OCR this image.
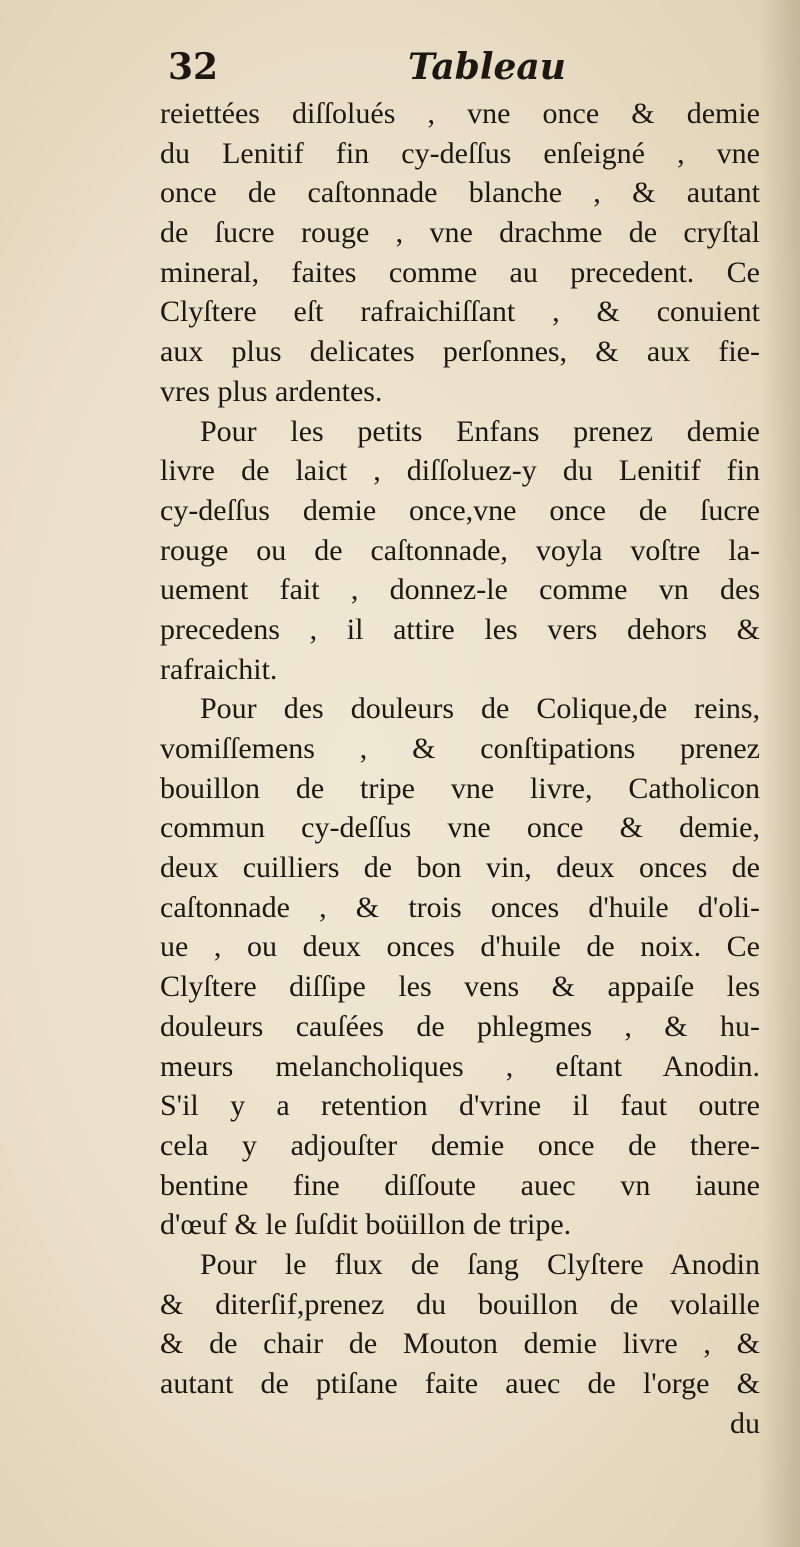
32	Tableau
reiettées diſſolués , vne once & demie
du Lenitif fin cy-deſſus enſeigné , vne
once de caſtonnade blanche , & autant
de ſucre rouge , vne drachme de cryſtal
mineral, faites comme au precedent. Ce
Clyſtere eſt rafraichiſſant , & conuient
aux plus delicates perſonnes, & aux fie-
vres plus ardentes.
Pour les petits Enfans prenez demie
livre de laict , diſſoluez-y du Lenitif fin
cy-deſſus demie once,vne once de ſucre
rouge ou de caſtonnade, voyla voſtre la-
uement fait , donnez-le comme vn des
precedens , il attire les vers dehors &
rafraichit.
Pour des douleurs de Colique,de reins,
vomiſſemens , & conſtipations prenez
bouillon de tripe vne livre, Catholicon
commun cy-deſſus vne once & demie,
deux cuilliers de bon vin, deux onces de
caſtonnade , & trois onces d'huile d'oli-
ue , ou deux onces d'huile de noix. Ce
Clyſtere diſſipe les vens & appaiſe les
douleurs cauſées de phlegmes , & hu-
meurs melancholiques , eſtant Anodin.
S'il y a retention d'vrine il faut outre
cela y adjouſter demie once de there-
bentine fine diſſoute auec vn iaune
d'œuf & le ſuſdit boüillon de tripe.
Pour le flux de ſang Clyſtere Anodin
& diterſif,prenez du bouillon de volaille
& de chair de Mouton demie livre , &
autant de ptiſane faite auec de l'orge &
du
